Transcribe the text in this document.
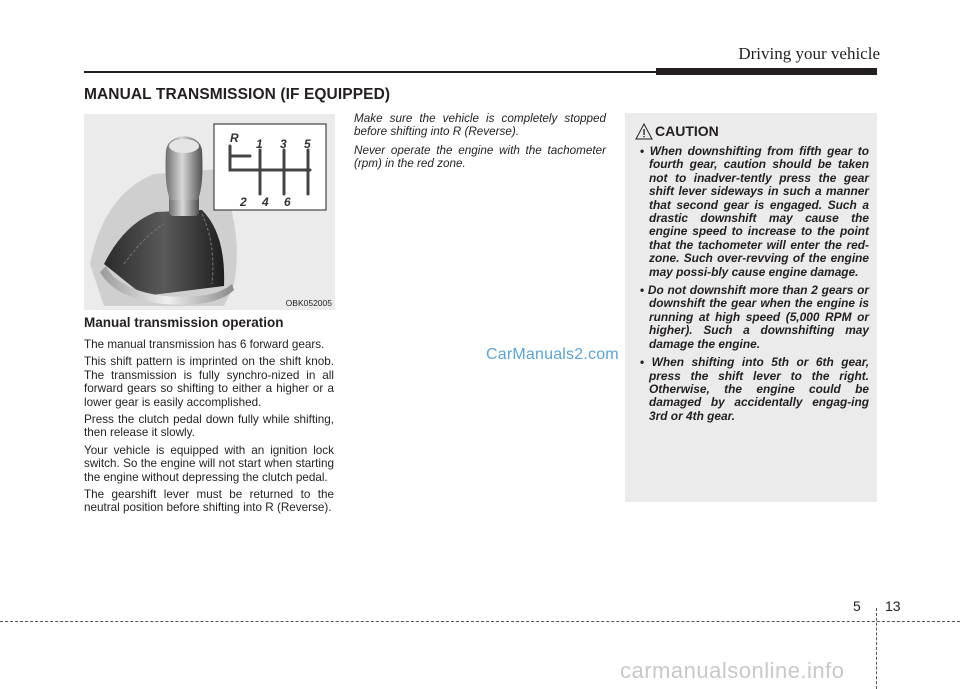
Driving your vehicle
MANUAL TRANSMISSION (IF EQUIPPED)
R 1 3 5
2 4 6
OBK052005
Manual transmission operation

The manual transmission has 6 forward gears.

This shift pattern is imprinted on the shift knob. The transmission is fully synchro-nized in all forward gears so shifting to either a higher or a lower gear is easily accomplished.

Press the clutch pedal down fully while shifting, then release it slowly.

Your vehicle is equipped with an ignition lock switch. So the engine will not start when starting the engine without depressing the clutch pedal.

The gearshift lever must be returned to the neutral position before shifting into R (Reverse).

Make sure the vehicle is completely stopped before shifting into R (Reverse).

Never operate the engine with the tachometer (rpm) in the red zone.

CAUTION
• When downshifting from fifth gear to fourth gear, caution should be taken not to inadver-tently press the gear shift lever sideways in such a manner that second gear is engaged. Such a drastic downshift may cause the engine speed to increase to the point that the tachometer will enter the red-zone. Such over-revving of the engine may possi-bly cause engine damage.
• Do not downshift more than 2 gears or downshift the gear when the engine is running at high speed (5,000 RPM or higher). Such a downshifting may damage the engine.
• When shifting into 5th or 6th gear, press the shift lever to the right. Otherwise, the engine could be damaged by accidentally engag-ing 3rd or 4th gear.
CarManuals2.com
5 13
carmanualsonline.info
